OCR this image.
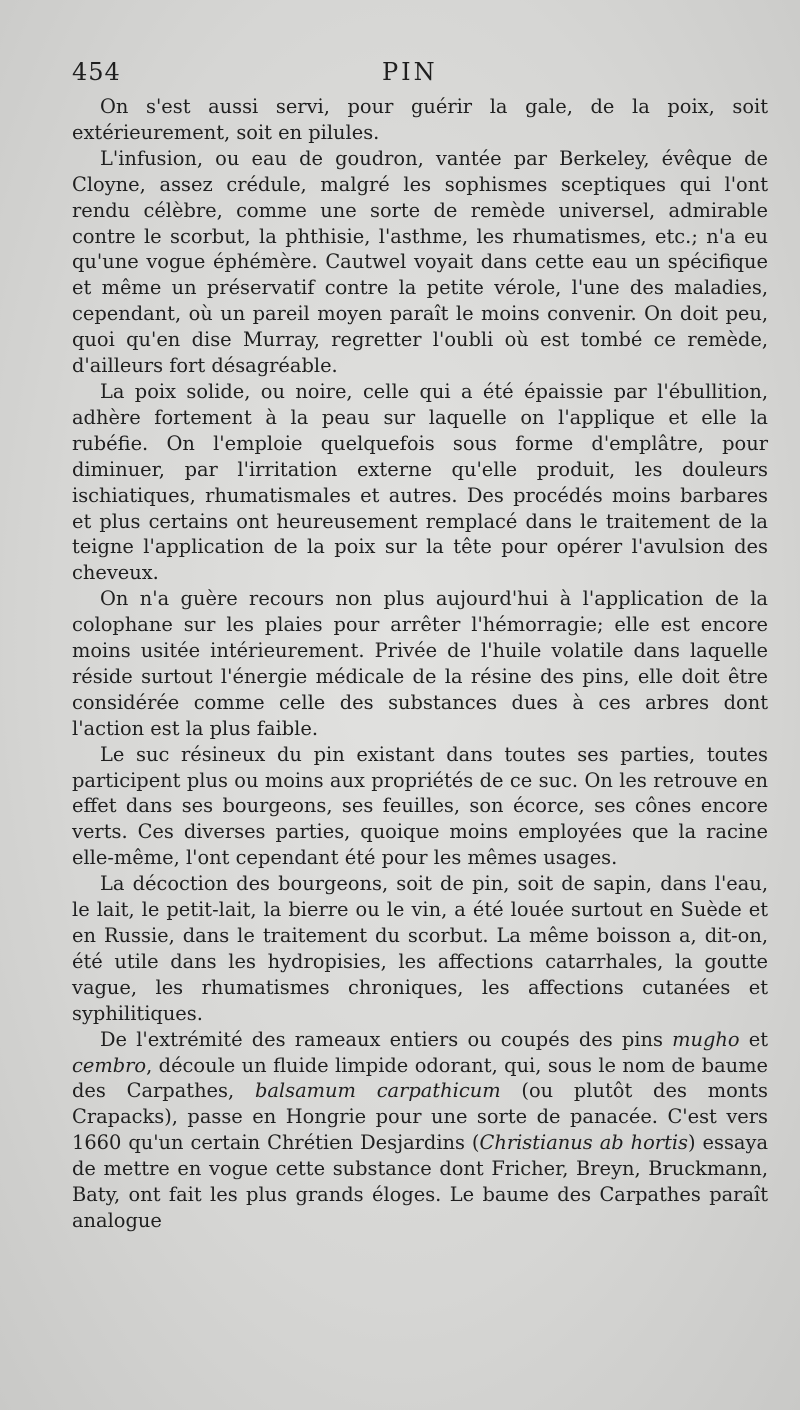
454	PIN

On s'est aussi servi, pour guérir la gale, de la poix, soit extérieurement, soit en pilules.

L'infusion, ou eau de goudron, vantée par Berkeley, évêque de Cloyne, assez crédule, malgré les sophismes sceptiques qui l'ont rendu célèbre, comme une sorte de remède universel, admirable contre le scorbut, la phthisie, l'asthme, les rhumatismes, etc.; n'a eu qu'une vogue éphémère. Cautwel voyait dans cette eau un spécifique et même un préservatif contre la petite vérole, l'une des maladies, cependant, où un pareil moyen paraît le moins convenir. On doit peu, quoi qu'en dise Murray, regretter l'oubli où est tombé ce remède, d'ailleurs fort désagréable.

La poix solide, ou noire, celle qui a été épaissie par l'ébullition, adhère fortement à la peau sur laquelle on l'applique et elle la rubéfie. On l'emploie quelquefois sous forme d'emplâtre, pour diminuer, par l'irritation externe qu'elle produit, les douleurs ischiatiques, rhumatismales et autres. Des procédés moins barbares et plus certains ont heureusement remplacé dans le traitement de la teigne l'application de la poix sur la tête pour opérer l'avulsion des cheveux.

On n'a guère recours non plus aujourd'hui à l'application de la colophane sur les plaies pour arrêter l'hémorragie; elle est encore moins usitée intérieurement. Privée de l'huile volatile dans laquelle réside surtout l'énergie médicale de la résine des pins, elle doit être considérée comme celle des substances dues à ces arbres dont l'action est la plus faible.

Le suc résineux du pin existant dans toutes ses parties, toutes participent plus ou moins aux propriétés de ce suc. On les retrouve en effet dans ses bourgeons, ses feuilles, son écorce, ses cônes encore verts. Ces diverses parties, quoique moins employées que la racine elle-même, l'ont cependant été pour les mêmes usages.

La décoction des bourgeons, soit de pin, soit de sapin, dans l'eau, le lait, le petit-lait, la bierre ou le vin, a été louée surtout en Suède et en Russie, dans le traitement du scorbut. La même boisson a, dit-on, été utile dans les hydropisies, les affections catarrhales, la goutte vague, les rhumatismes chroniques, les affections cutanées et syphilitiques.

De l'extrémité des rameaux entiers ou coupés des pins mugho et cembro, découle un fluide limpide odorant, qui, sous le nom de baume des Carpathes, balsamum carpathicum (ou plutôt des monts Crapacks), passe en Hongrie pour une sorte de panacée. C'est vers 1660 qu'un certain Chrétien Desjardins (Christianus ab hortis) essaya de mettre en vogue cette substance dont Fricher, Breyn, Bruckmann, Baty, ont fait les plus grands éloges. Le baume des Carpathes paraît analogue
